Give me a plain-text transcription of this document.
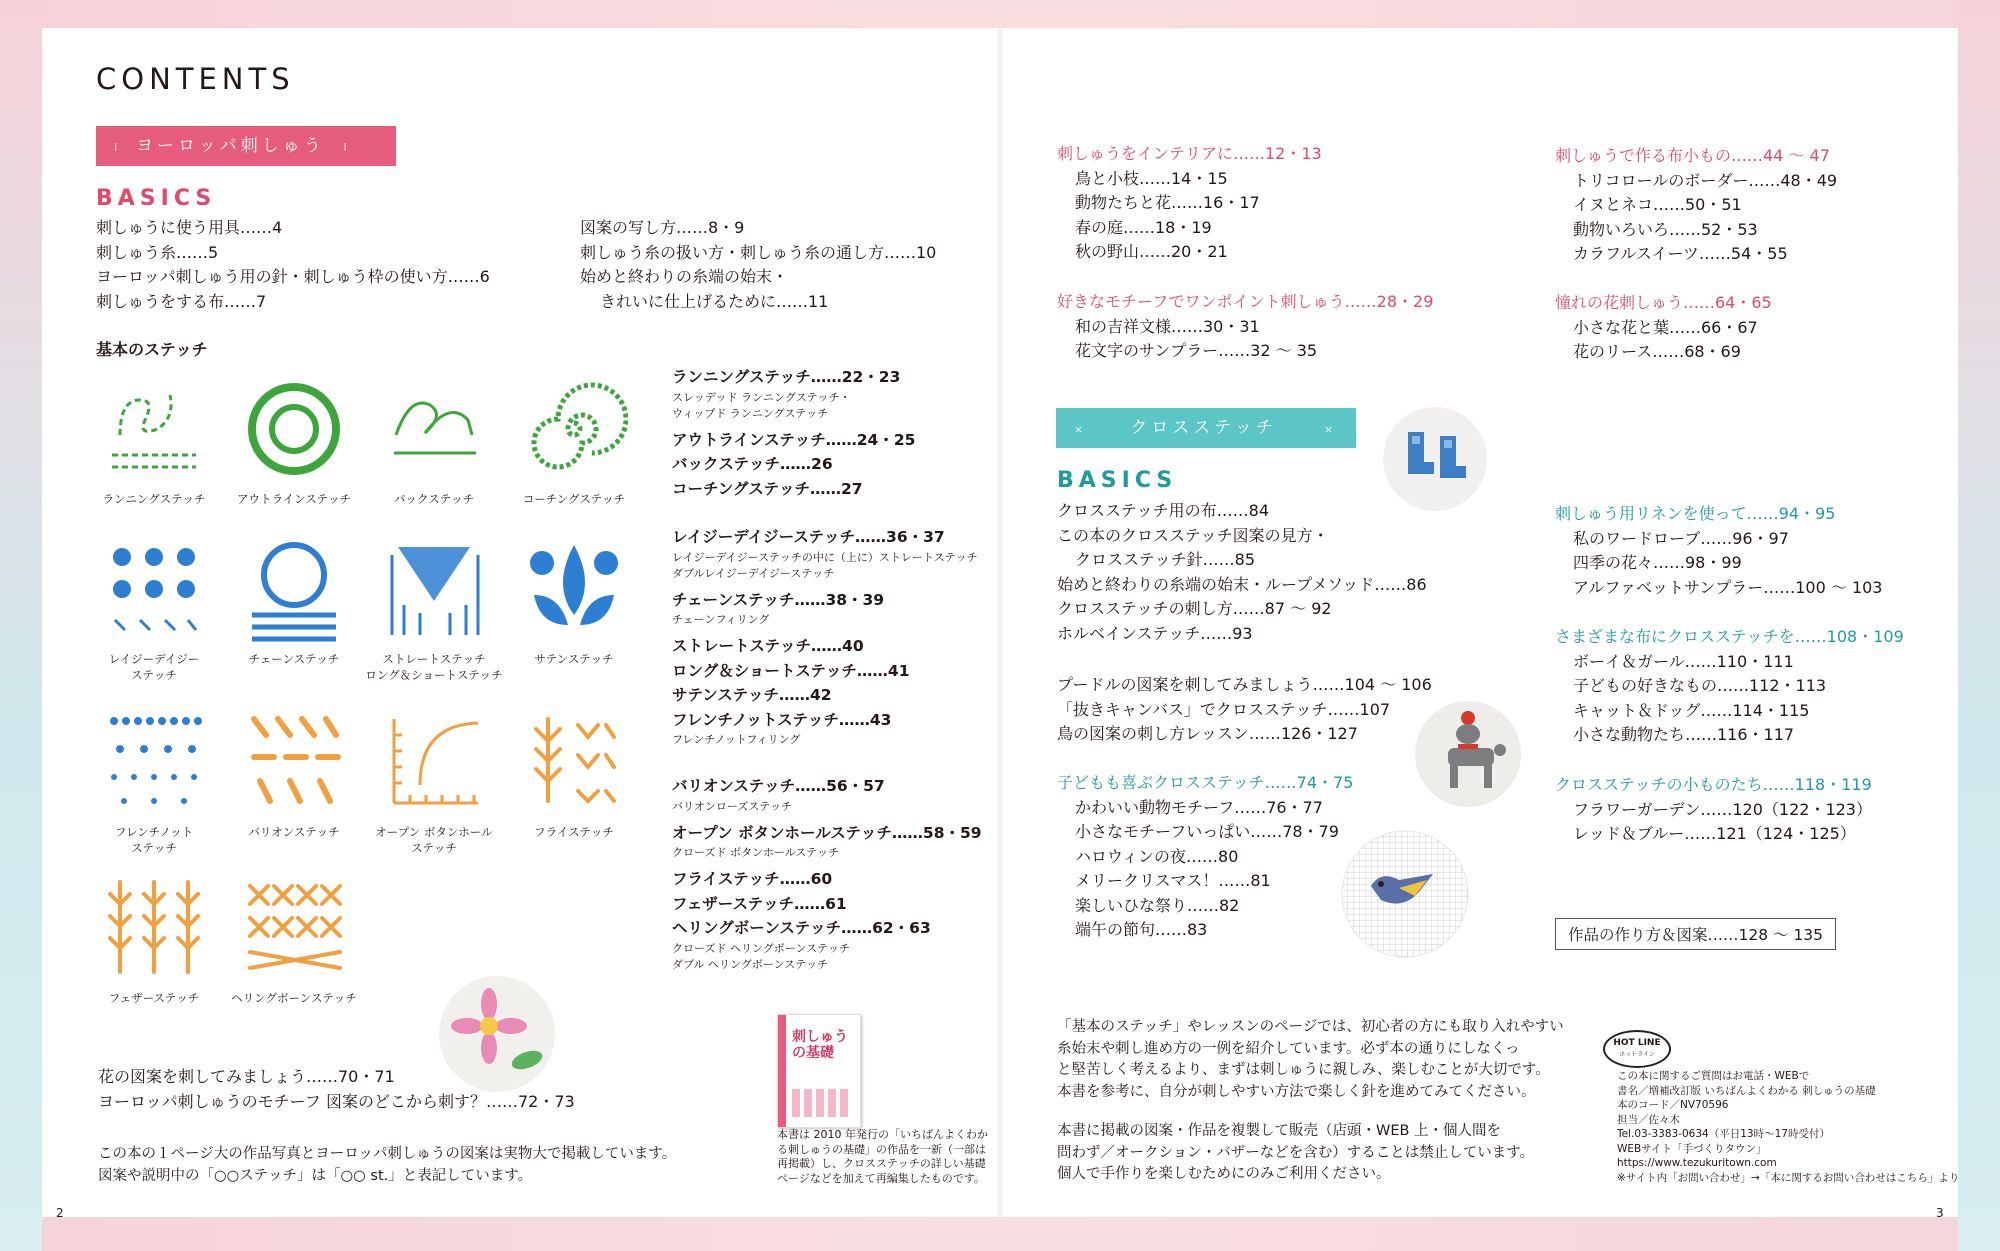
CONTENTS
I ヨーロッパ刺しゅう I
BASICS
刺しゅうに使う用具……4
刺しゅう糸……5
ヨーロッパ刺しゅう用の針・刺しゅう枠の使い方……6
刺しゅうをする布……7
図案の写し方……8・9
刺しゅう糸の扱い方・刺しゅう糸の通し方……10
始めと終わりの糸端の始末・
きれいに仕上げるために……11
基本のステッチ
ランニングステッチ	アウトラインステッチ	バックステッチ	コーチングステッチ
レイジーデイジー
ステッチ
チェーンステッチ	ストレートステッチ
ロング＆ショートステッチ
サテンステッチ
フレンチノット
ステッチ
バリオンステッチ	オープン ボタンホール
ステッチ
フライステッチ
フェザーステッチ	ヘリングボーンステッチ
ランニングステッチ……22・23
スレッデッド ランニングステッチ・
ウィップド ランニングステッチ
アウトラインステッチ……24・25
バックステッチ……26
コーチングステッチ……27
レイジーデイジーステッチ……36・37
レイジーデイジーステッチの中に（上に）ストレートステッチ
ダブルレイジーデイジーステッチ
チェーンステッチ……38・39
チェーンフィリング
ストレートステッチ……40
ロング＆ショートステッチ……41
サテンステッチ……42
フレンチノットステッチ……43
フレンチノットフィリング
バリオンステッチ……56・57
バリオンローズステッチ
オープン ボタンホールステッチ……58・59
クローズド ボタンホールステッチ
フライステッチ……60
フェザーステッチ……61
ヘリングボーンステッチ……62・63
クローズド ヘリングボーンステッチ
ダブル ヘリングボーンステッチ
刺しゅうの基礎
本書は 2010 年発行の「いちばんよくわか
る刺しゅうの基礎」の作品を一新（一部は
再掲載）し、クロスステッチの詳しい基礎
ページなどを加えて再編集したものです。
花の図案を刺してみましょう……70・71
ヨーロッパ刺しゅうのモチーフ 図案のどこから刺す？……72・73
この本の１ページ大の作品写真とヨーロッパ刺しゅうの図案は実物大で掲載しています。
図案や説明中の「○○ステッチ」は「○○ st.」と表記しています。
2
刺しゅうをインテリアに……12・13
鳥と小枝……14・15
動物たちと花……16・17
春の庭……18・19
秋の野山……20・21
好きなモチーフでワンポイント刺しゅう……28・29
和の吉祥文様……30・31
花文字のサンプラー……32 ～ 35
刺しゅうで作る布小もの……44 ～ 47
トリコロールのボーダー……48・49
イヌとネコ……50・51
動物いろいろ……52・53
カラフルスイーツ……54・55
憧れの花刺しゅう……64・65
小さな花と葉……66・67
花のリース……68・69
×	クロスステッチ	×
BASICS
クロスステッチ用の布……84
この本のクロスステッチ図案の見方・
クロスステッチ針……85
始めと終わりの糸端の始末・ループメソッド……86
クロスステッチの刺し方……87 ～ 92
ホルベインステッチ……93
プードルの図案を刺してみましょう……104 ～ 106
「抜きキャンバス」でクロスステッチ……107
鳥の図案の刺し方レッスン……126・127
子どもも喜ぶクロスステッチ……74・75
かわいい動物モチーフ……76・77
小さなモチーフいっぱい……78・79
ハロウィンの夜……80
メリークリスマス！……81
楽しいひな祭り……82
端午の節句……83
刺しゅう用リネンを使って……94・95
私のワードローブ……96・97
四季の花々……98・99
アルファベットサンプラー……100 ～ 103
さまざまな布にクロスステッチを……108・109
ボーイ＆ガール……110・111
子どもの好きなもの……112・113
キャット＆ドッグ……114・115
小さな動物たち……116・117
クロスステッチの小ものたち……118・119
フラワーガーデン……120（122・123）
レッド＆ブルー……121（124・125）
作品の作り方＆図案……128 ～ 135
「基本のステッチ」やレッスンのページでは、初心者の方にも取り入れやすい
糸始末や刺し進め方の一例を紹介しています。必ず本の通りにしなくっ
と堅苦しく考えるより、まずは刺しゅうに親しみ、楽しむことが大切です。
本書を参考に、自分が刺しやすい方法で楽しく針を進めてみてください。
本書に掲載の図案・作品を複製して販売（店頭・WEB 上・個人間を
問わず／オークション・バザーなどを含む）することは禁止しています。
個人で手作りを楽しむためにのみご利用ください。
HOT LINE
ホットライン
この本に関するご質問はお電話・WEBで
書名／増補改訂版 いちばんよくわかる 刺しゅうの基礎
本のコード／NV70596
担当／佐々木
Tel.03-3383-0634（平日13時～17時受付）
WEBサイト「手づくりタウン」
https://www.tezukuritown.com
※サイト内「お問い合わせ」→「本に関するお問い合わせはこちら」より
3
